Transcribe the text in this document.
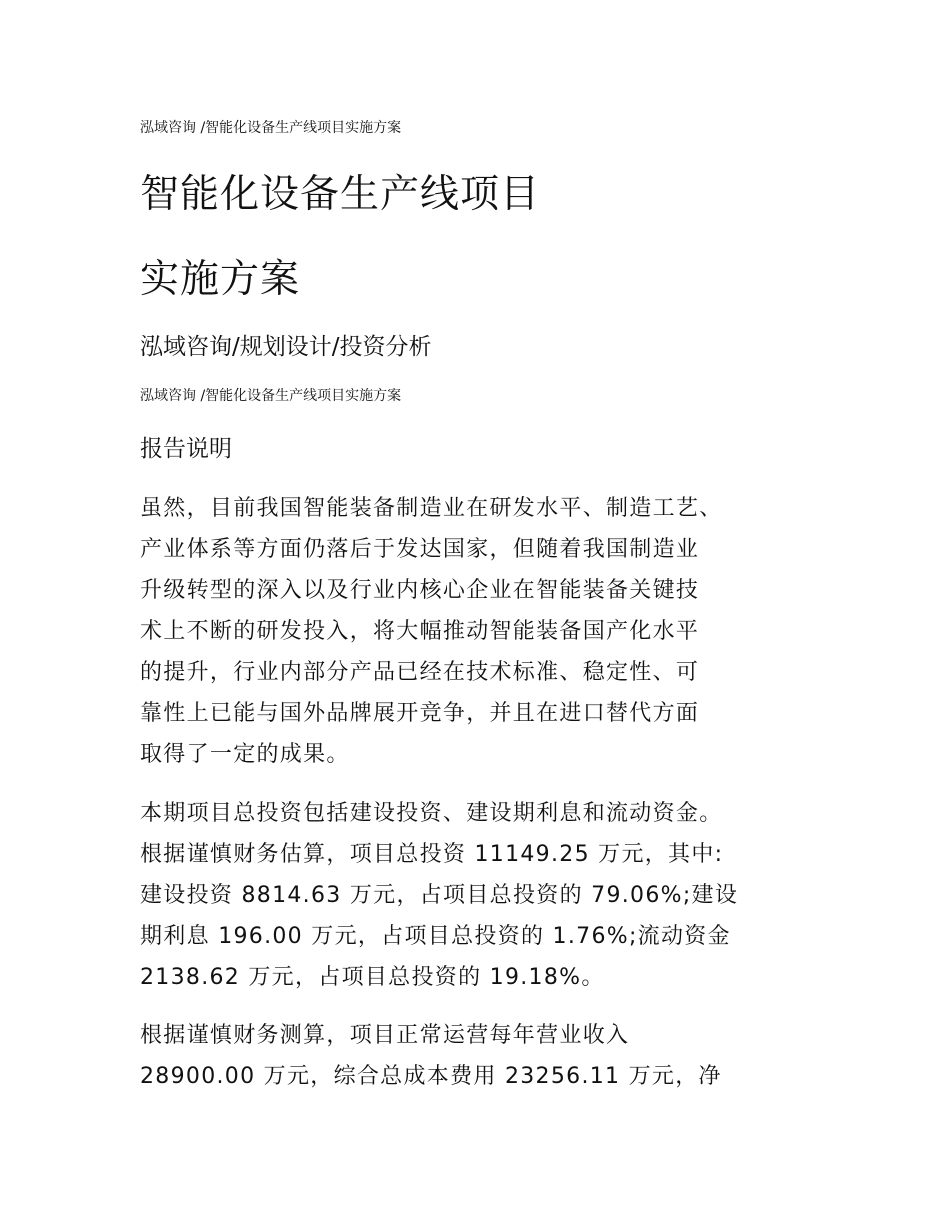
泓域咨询 /智能化设备生产线项目实施方案
智能化设备生产线项目
实施方案
泓域咨询/规划设计/投资分析
泓域咨询 /智能化设备生产线项目实施方案
报告说明
虽然，目前我国智能装备制造业在研发水平、制造工艺、
产业体系等方面仍落后于发达国家，但随着我国制造业
升级转型的深入以及行业内核心企业在智能装备关键技
术上不断的研发投入，将大幅推动智能装备国产化水平
的提升，行业内部分产品已经在技术标准、稳定性、可
靠性上已能与国外品牌展开竞争，并且在进口替代方面
取得了一定的成果。
本期项目总投资包括建设投资、建设期利息和流动资金。
根据谨慎财务估算，项目总投资 11149.25 万元，其中:
建设投资 8814.63 万元，占项目总投资的 79.06%;建设
期利息 196.00 万元，占项目总投资的 1.76%;流动资金
2138.62 万元，占项目总投资的 19.18%。
根据谨慎财务测算，项目正常运营每年营业收入
28900.00 万元，综合总成本费用 23256.11 万元，净
